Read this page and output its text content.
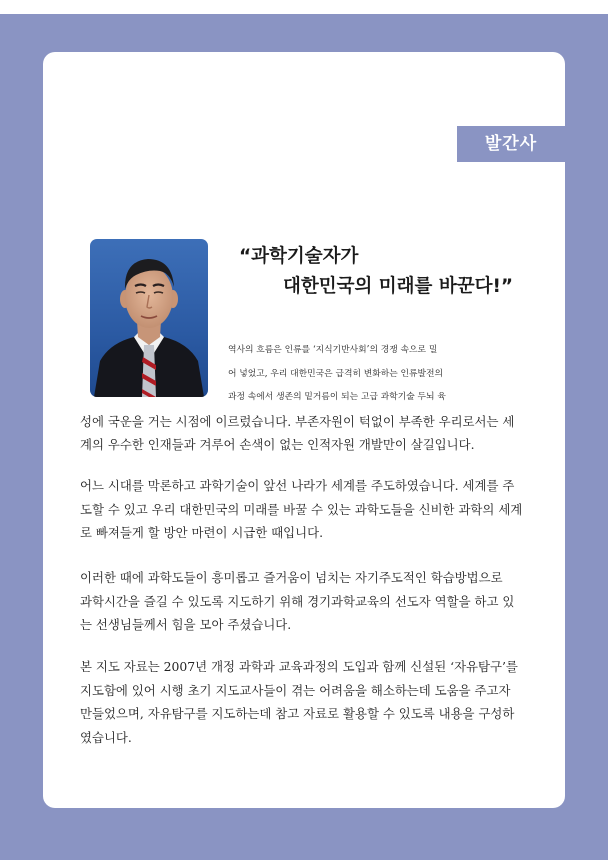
발간사
“과학기술자가
대한민국의 미래를 바꾼다!”
역사의 흐름은 인류를 ‘지식기반사회’의 경쟁 속으로 밀
어 넣었고, 우리 대한민국은 급격히 변화하는 인류발전의
과정 속에서 생존의 밑거름이 되는 고급 과학기술 두뇌 육
성에 국운을 거는 시점에 이르렀습니다. 부존자원이 턱없이 부족한 우리로서는 세
계의 우수한 인재들과 겨루어 손색이 없는 인적자원 개발만이 살길입니다.
어느 시대를 막론하고 과학기술이 앞선 나라가 세계를 주도하였습니다. 세계를 주
도할 수 있고 우리 대한민국의 미래를 바꿀 수 있는 과학도들을 신비한 과학의 세계
로 빠져들게 할 방안 마련이 시급한 때입니다.
이러한 때에 과학도들이 흥미롭고 즐거움이 넘치는 자기주도적인 학습방법으로
과학시간을 즐길 수 있도록 지도하기 위해 경기과학교육의 선도자 역할을 하고 있
는 선생님들께서 힘을 모아 주셨습니다.
본 지도 자료는 2007년 개정 과학과 교육과정의 도입과 함께 신설된 ‘자유탐구’를
지도함에 있어 시행 초기 지도교사들이 겪는 어려움을 해소하는데 도움을 주고자
만들었으며, 자유탐구를 지도하는데 참고 자료로 활용할 수 있도록 내용을 구성하
였습니다.
